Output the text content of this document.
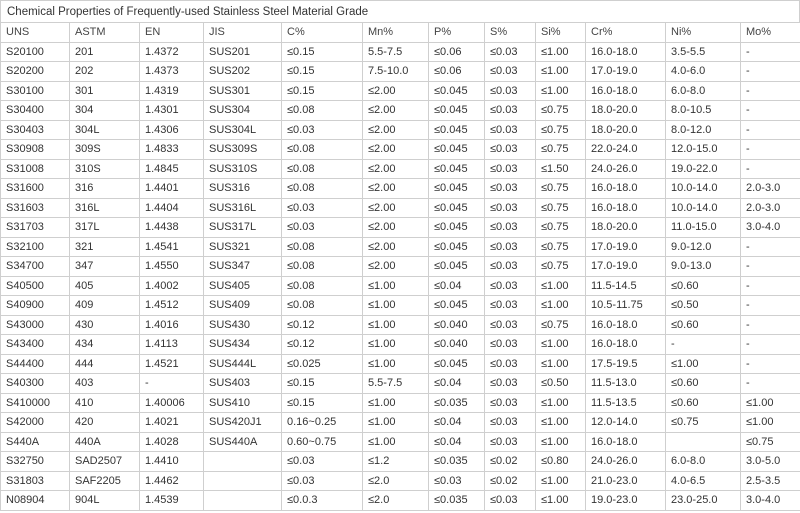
Chemical Properties of Frequently-used Stainless Steel Material Grade
UNS	ASTM	EN	JIS	C%	Mn%	P%	S%	Si%	Cr%	Ni%	Mo%
S20100	201	1.4372	SUS201	≤0.15	5.5-7.5	≤0.06	≤0.03	≤1.00	16.0-18.0	3.5-5.5	-
S20200	202	1.4373	SUS202	≤0.15	7.5-10.0	≤0.06	≤0.03	≤1.00	17.0-19.0	4.0-6.0	-
S30100	301	1.4319	SUS301	≤0.15	≤2.00	≤0.045	≤0.03	≤1.00	16.0-18.0	6.0-8.0	-
S30400	304	1.4301	SUS304	≤0.08	≤2.00	≤0.045	≤0.03	≤0.75	18.0-20.0	8.0-10.5	-
S30403	304L	1.4306	SUS304L	≤0.03	≤2.00	≤0.045	≤0.03	≤0.75	18.0-20.0	8.0-12.0	-
S30908	309S	1.4833	SUS309S	≤0.08	≤2.00	≤0.045	≤0.03	≤0.75	22.0-24.0	12.0-15.0	-
S31008	310S	1.4845	SUS310S	≤0.08	≤2.00	≤0.045	≤0.03	≤1.50	24.0-26.0	19.0-22.0	-
S31600	316	1.4401	SUS316	≤0.08	≤2.00	≤0.045	≤0.03	≤0.75	16.0-18.0	10.0-14.0	2.0-3.0
S31603	316L	1.4404	SUS316L	≤0.03	≤2.00	≤0.045	≤0.03	≤0.75	16.0-18.0	10.0-14.0	2.0-3.0
S31703	317L	1.4438	SUS317L	≤0.03	≤2.00	≤0.045	≤0.03	≤0.75	18.0-20.0	11.0-15.0	3.0-4.0
S32100	321	1.4541	SUS321	≤0.08	≤2.00	≤0.045	≤0.03	≤0.75	17.0-19.0	9.0-12.0	-
S34700	347	1.4550	SUS347	≤0.08	≤2.00	≤0.045	≤0.03	≤0.75	17.0-19.0	9.0-13.0	-
S40500	405	1.4002	SUS405	≤0.08	≤1.00	≤0.04	≤0.03	≤1.00	11.5-14.5	≤0.60	-
S40900	409	1.4512	SUS409	≤0.08	≤1.00	≤0.045	≤0.03	≤1.00	10.5-11.75	≤0.50	-
S43000	430	1.4016	SUS430	≤0.12	≤1.00	≤0.040	≤0.03	≤0.75	16.0-18.0	≤0.60	-
S43400	434	1.4113	SUS434	≤0.12	≤1.00	≤0.040	≤0.03	≤1.00	16.0-18.0	-	-
S44400	444	1.4521	SUS444L	≤0.025	≤1.00	≤0.045	≤0.03	≤1.00	17.5-19.5	≤1.00	-
S40300	403	-	SUS403	≤0.15	5.5-7.5	≤0.04	≤0.03	≤0.50	11.5-13.0	≤0.60	-
S410000	410	1.40006	SUS410	≤0.15	≤1.00	≤0.035	≤0.03	≤1.00	11.5-13.5	≤0.60	≤1.00
S42000	420	1.4021	SUS420J1	0.16~0.25	≤1.00	≤0.04	≤0.03	≤1.00	12.0-14.0	≤0.75	≤1.00
S440A	440A	1.4028	SUS440A	0.60~0.75	≤1.00	≤0.04	≤0.03	≤1.00	16.0-18.0		≤0.75
S32750	SAD2507	1.4410		≤0.03	≤1.2	≤0.035	≤0.02	≤0.80	24.0-26.0	6.0-8.0	3.0-5.0
S31803	SAF2205	1.4462		≤0.03	≤2.0	≤0.03	≤0.02	≤1.00	21.0-23.0	4.0-6.5	2.5-3.5
N08904	904L	1.4539		≤0.0.3	≤2.0	≤0.035	≤0.03	≤1.00	19.0-23.0	23.0-25.0	3.0-4.0
